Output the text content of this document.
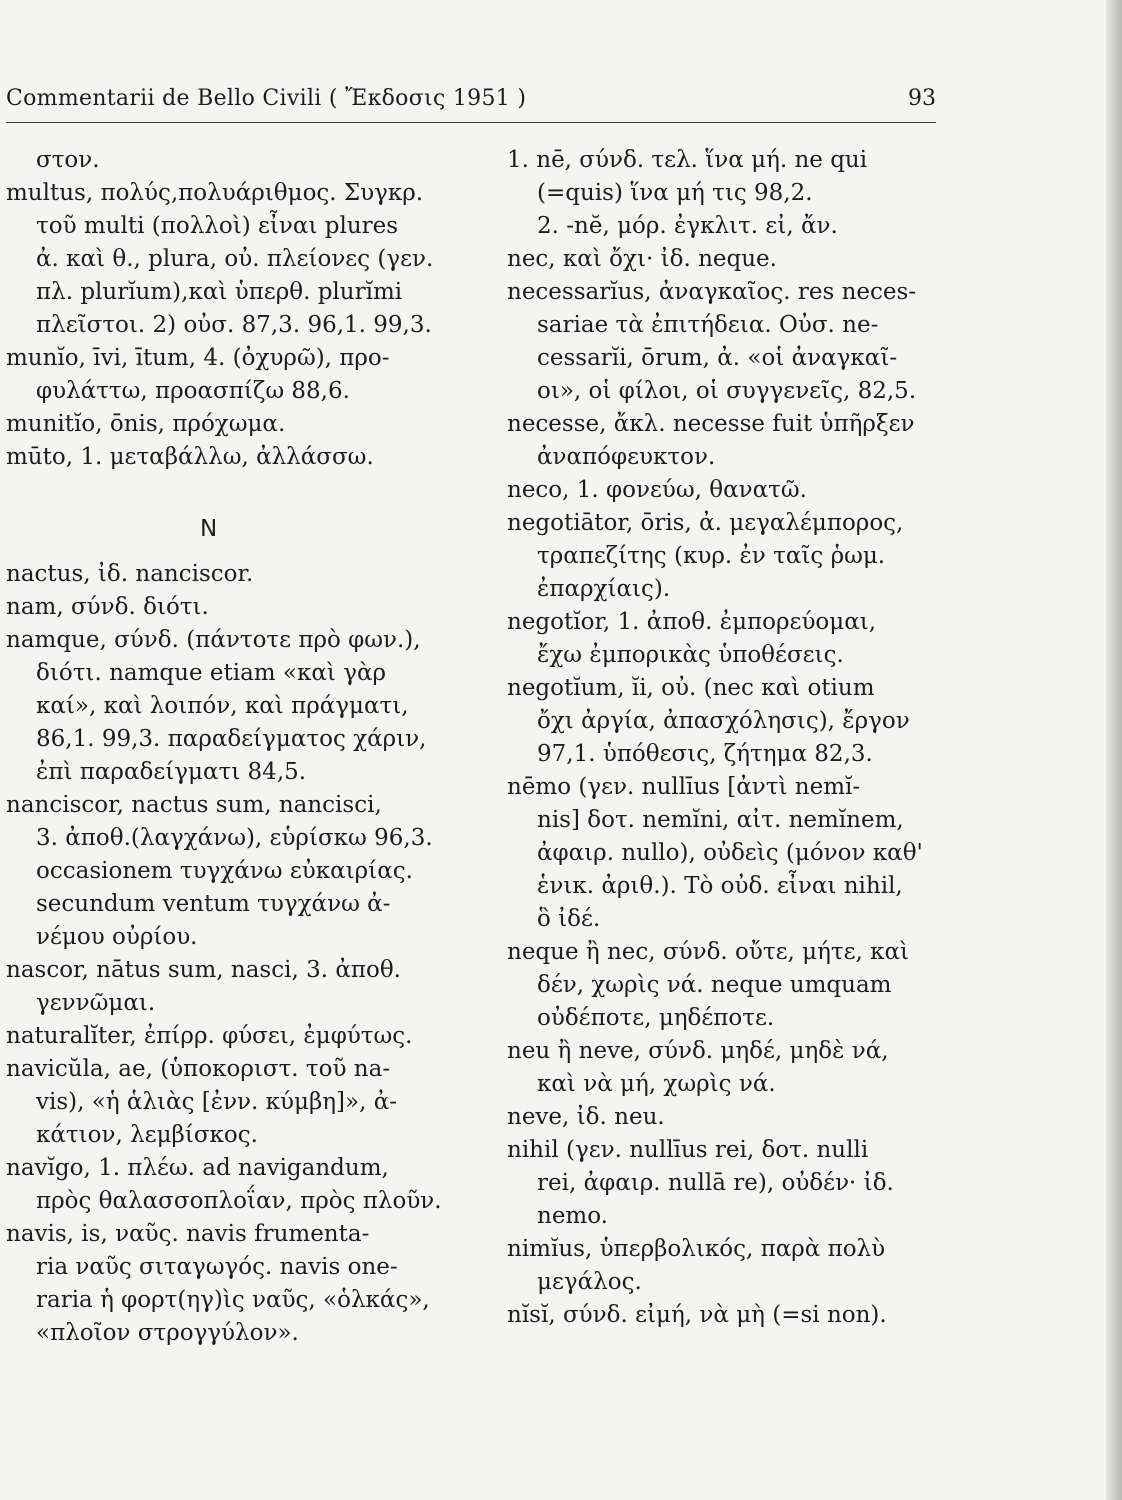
Commentarii de Bello Civili ( Ἔκδοσις 1951 )	93
στον.
multus, πολύς,πολυάριθμος. Συγκρ.
τοῦ multi (πολλοὶ) εἶναι plures
ἀ. καὶ θ., plura, οὐ. πλείονες (γεν.
πλ. plurĭum),καὶ ὑπερθ. plurĭmi
πλεῖστοι. 2) οὐσ. 87,3. 96,1. 99,3.
munĭo, īvi, ītum, 4. (ὀχυρῶ), προ-
φυλάττω, προασπίζω 88,6.
munitĭo, ōnis, πρόχωμα.
mūto, 1. μεταβάλλω, ἀλλάσσω.
nactus, ἰδ. nanciscor.
nam, σύνδ. διότι.
namque, σύνδ. (πάντοτε πρὸ φων.),
διότι. namque etiam «καὶ γὰρ
καί», καὶ λοιπόν, καὶ πράγματι,
86,1. 99,3. παραδείγματος χάριν,
ἐπὶ παραδείγματι 84,5.
nanciscor, nactus sum, nancisci,
3. ἀποθ.(λαγχάνω), εὑρίσκω 96,3.
occasionem τυγχάνω εὐκαιρίας.
secundum ventum τυγχάνω ἀ-
νέμου οὐρίου.
nascor, nātus sum, nasci, 3. ἀποθ.
γεννῶμαι.
naturalĭter, ἐπίρρ. φύσει, ἐμφύτως.
navicŭla, ae, (ὑποκοριστ. τοῦ na-
vis), «ἡ ἁλιὰς [ἐνν. κύμβη]», ἀ-
κάτιον, λεμβίσκος.
navĭgo, 1. πλέω. ad navigandum,
πρὸς θαλασσοπλοΐαν, πρὸς πλοῦν.
navis, is, ναῦς. navis frumenta-
ria ναῦς σιταγωγός. navis one-
raria ἡ φορτ(ηγ)ὶς ναῦς, «ὁλκάς»,
«πλοῖον στρογγύλον».
N
1. nē, σύνδ. τελ. ἵνα μή. ne qui
(=quis) ἵνα μή τις 98,2.
2. -nĕ, μόρ. ἐγκλιτ. εἰ, ἄν.
nec, καὶ ὄχι· ἰδ. neque.
necessarĭus, ἀναγκαῖος. res neces-
sariae τὰ ἐπιτήδεια. Οὐσ. ne-
cessarĭi, ōrum, ἀ. «οἱ ἀναγκαῖ-
οι», οἱ φίλοι, οἱ συγγενεῖς, 82,5.
necesse, ἄκλ. necesse fuit ὑπῆρξεν
ἀναπόφευκτον.
neco, 1. φονεύω, θανατῶ.
negotiātor, ōris, ἀ. μεγαλέμπορος,
τραπεζίτης (κυρ. ἐν ταῖς ῥωμ.
ἐπαρχίαις).
negotĭor, 1. ἀποθ. ἐμπορεύομαι,
ἔχω ἐμπορικὰς ὑποθέσεις.
negotĭum, ĭi, οὐ. (nec καὶ otium
ὄχι ἀργία, ἀπασχόλησις), ἔργον
97,1. ὑπόθεσις, ζήτημα 82,3.
nēmo (γεν. nullīus [ἀντὶ nemĭ-
nis] δοτ. nemĭni, αἰτ. nemĭnem,
ἀφαιρ. nullo), οὐδεὶς (μόνον καθ'
ἑνικ. ἀριθ.). Τὸ οὐδ. εἶναι nihil,
ὃ ἰδέ.
neque ἢ nec, σύνδ. οὔτε, μήτε, καὶ
δέν, χωρὶς νά. neque umquam
οὐδέποτε, μηδέποτε.
neu ἢ neve, σύνδ. μηδέ, μηδὲ νά,
καὶ νὰ μή, χωρὶς νά.
neve, ἰδ. neu.
nihil (γεν. nullīus rei, δοτ. nulli
rei, ἀφαιρ. nullā re), οὐδέν· ἰδ.
nemo.
nimĭus, ὑπερβολικός, παρὰ πολὺ
μεγάλος.
nĭsĭ, σύνδ. εἰμή, νὰ μὴ (=si non).
